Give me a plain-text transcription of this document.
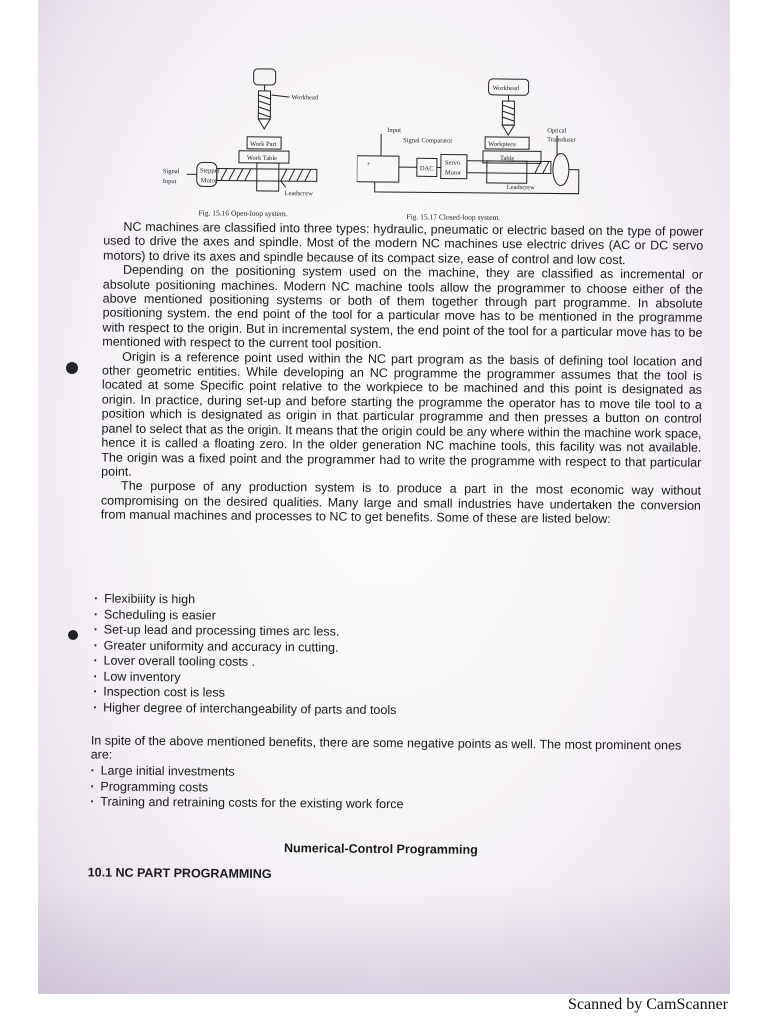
Workhead
Work Part
Work Table
Signal
Input
Stepper
Motor
Leadscrew
Fig. 15.16 Open-loop system.
Workhead
Input
Signal Comparator	Workpiece
Table
Optical
Transduser
+
DAC
Servo
Motor
Leadscrew
Fig. 15.17 Closed-loop system.

NC machines are classified into three types: hydraulic, pneumatic or electric based on the type of power used to drive the axes and spindle. Most of the modern NC machines use electric drives (AC or DC servo motors) to drive its axes and spindle because of its compact size, ease of control and low cost.

Depending on the positioning system used on the machine, they are classified as incremental or absolute positioning machines. Modern NC machine tools allow the programmer to choose either of the above mentioned positioning systems or both of them together through part programme. In absolute positioning system. the end point of the tool for a particular move has to be mentioned in the programme with respect to the origin. But in incremental system, the end point of the tool for a particular move has to be mentioned with respect to the current tool position.

Origin is a reference point used within the NC part program as the basis of defining tool location and other geometric entities. While developing an NC programme the programmer assumes that the tool is located at some Specific point relative to the workpiece to be machined and this point is designated as origin. In practice, during set-up and before starting the programme the operator has to move tile tool to a position which is designated as origin in that particular programme and then presses a button on control panel to select that as the origin. It means that the origin could be any where within the machine work space, hence it is called a floating zero. In the older generation NC machine tools, this facility was not available. The origin was a fixed point and the programmer had to write the programme with respect to that particular point.

The purpose of any production system is to produce a part in the most economic way without compromising on the desired qualities. Many large and small industries have undertaken the conversion from manual machines and processes to NC to get benefits. Some of these are listed below:

· Flexibiiity is high
· Scheduling is easier
· Set-up lead and processing times arc less.
· Greater uniformity and accuracy in cutting.
· Lover overall tooling costs .
· Low inventory
· Inspection cost is less
· Higher degree of interchangeability of parts and tools
In spite of the above mentioned benefits, there are some negative points as well. The most prominent ones are:
· Large initial investments
· Programming costs
· Training and retraining costs for the existing work force
Numerical-Control Programming
10.1 NC PART PROGRAMMING
Scanned by CamScanner
